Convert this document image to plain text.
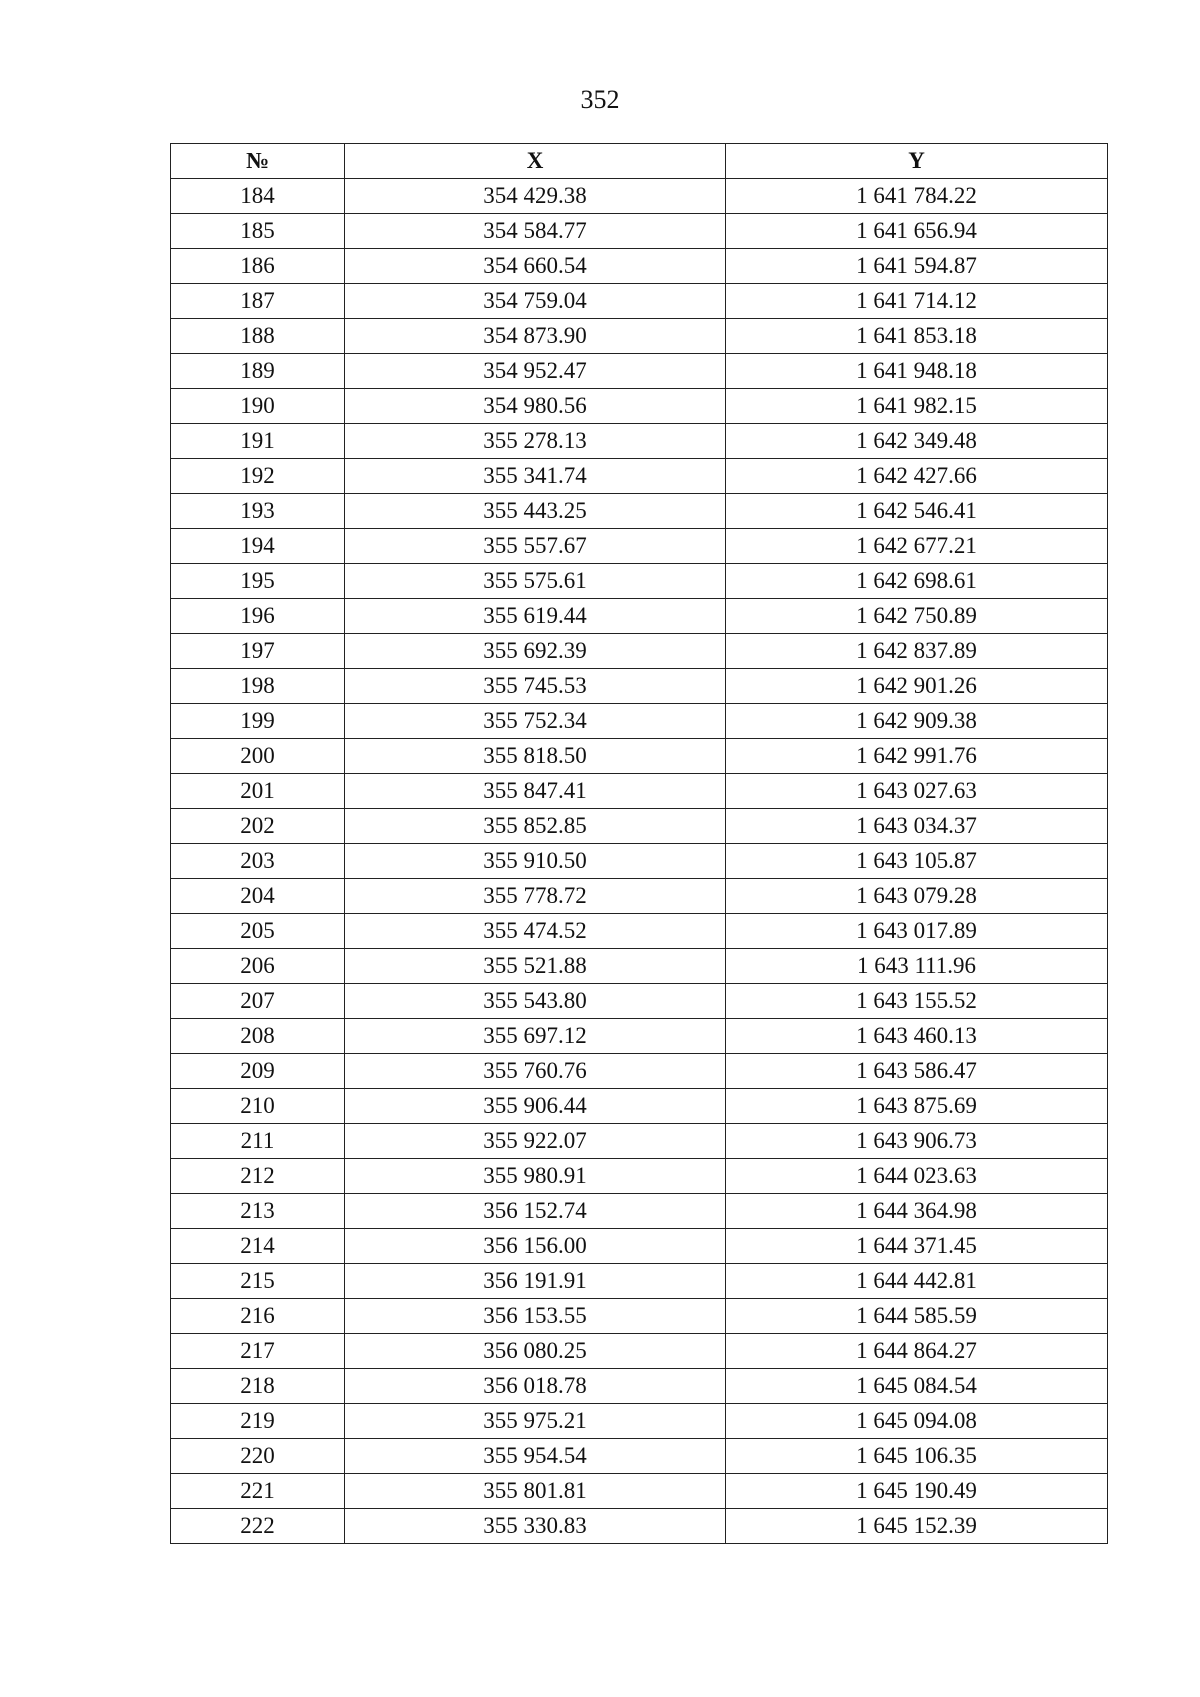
352
№	X	Y
184	354 429.38	1 641 784.22
185	354 584.77	1 641 656.94
186	354 660.54	1 641 594.87
187	354 759.04	1 641 714.12
188	354 873.90	1 641 853.18
189	354 952.47	1 641 948.18
190	354 980.56	1 641 982.15
191	355 278.13	1 642 349.48
192	355 341.74	1 642 427.66
193	355 443.25	1 642 546.41
194	355 557.67	1 642 677.21
195	355 575.61	1 642 698.61
196	355 619.44	1 642 750.89
197	355 692.39	1 642 837.89
198	355 745.53	1 642 901.26
199	355 752.34	1 642 909.38
200	355 818.50	1 642 991.76
201	355 847.41	1 643 027.63
202	355 852.85	1 643 034.37
203	355 910.50	1 643 105.87
204	355 778.72	1 643 079.28
205	355 474.52	1 643 017.89
206	355 521.88	1 643 111.96
207	355 543.80	1 643 155.52
208	355 697.12	1 643 460.13
209	355 760.76	1 643 586.47
210	355 906.44	1 643 875.69
211	355 922.07	1 643 906.73
212	355 980.91	1 644 023.63
213	356 152.74	1 644 364.98
214	356 156.00	1 644 371.45
215	356 191.91	1 644 442.81
216	356 153.55	1 644 585.59
217	356 080.25	1 644 864.27
218	356 018.78	1 645 084.54
219	355 975.21	1 645 094.08
220	355 954.54	1 645 106.35
221	355 801.81	1 645 190.49
222	355 330.83	1 645 152.39
